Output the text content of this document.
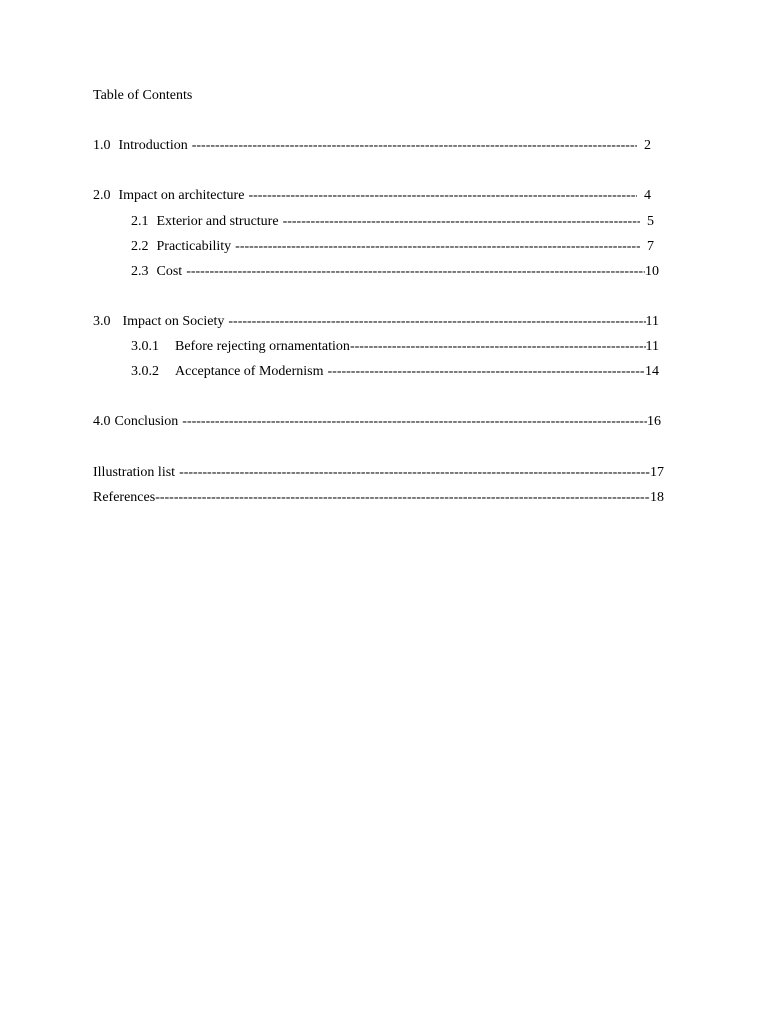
Table of Contents
1.0 Introduction -----	2
2.0 Impact on architecture -----	4
2.1 Exterior and structure -----	5
2.2 Practicability -----	7
2.3 Cost -----	10
3.0 Impact on Society -----	11
3.0.1 Before rejecting ornamentation -----	11
3.0.2 Acceptance of Modernism -----	14
4.0 Conclusion -----	16
Illustration list -----	17
References -----	18
